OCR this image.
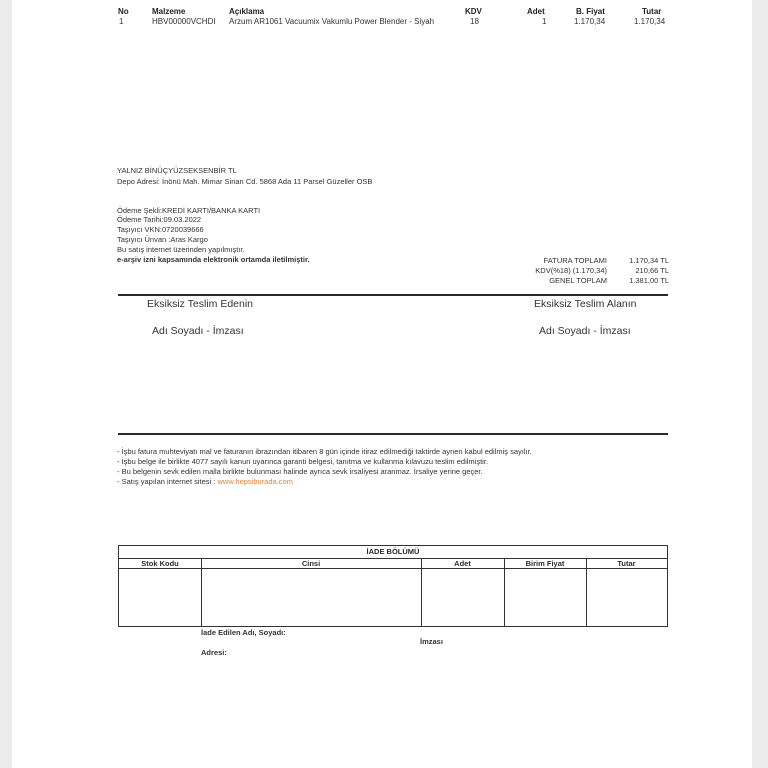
No	Malzeme	Açıklama	KDV	Adet	B. Fiyat	Tutar
1	HBV00000VCHDI Arzum AR1061 Vacuumix Vakumlu Power Blender - Siyah	18	1	1.170,34	1.170,34
YALNIZ BİNÜÇYÜZSEKSENBİR TL
Depo Adresi: İnönü Mah. Mimar Sinan Cd. 5868 Ada 11 Parsel Güzeller OSB
Ödeme Şekli:KREDİ KARTI/BANKA KARTI
Ödeme Tarihi:09.03.2022
Taşıyıcı VKN:0720039666
Taşıyıcı Ünvan :Aras Kargo
Bu satış internet üzerinden yapılmıştır.
e-arşiv izni kapsamında elektronik ortamda iletilmiştir.	FATURA TOPLAMI	1.170,34 TL
KDV(%18) (1.170,34)	210,66 TL
GENEL TOPLAM	1.381,00 TL
Eksiksiz Teslim Edenin	Eksiksiz Teslim Alanın
Adı Soyadı - İmzası	Adı Soyadı - İmzası
- İşbu fatura muhteviyatı mal ve faturanın ibrazından itibaren 8 gün içinde itiraz edilmediği taktirde aynen kabul edilmiş sayılır.
- İşbu belge ile birlikte 4077 sayılı kanun uyarınca garanti belgesi, tanıtma ve kullanma kılavuzu teslim edilmiştir.
- Bu belgenin sevk edilen malla birlikte bulunması halinde ayrıca sevk irsaliyesi aranmaz. İrsaliye yerine geçer.
- Satış yapılan internet sitesi : www.hepsiburada.com
İADE BÖLÜMÜ
Stok Kodu	Cinsi	Adet	Birim Fiyat	Tutar
İade Edilen Adı, Soyadı:
İmzası
Adresi:
